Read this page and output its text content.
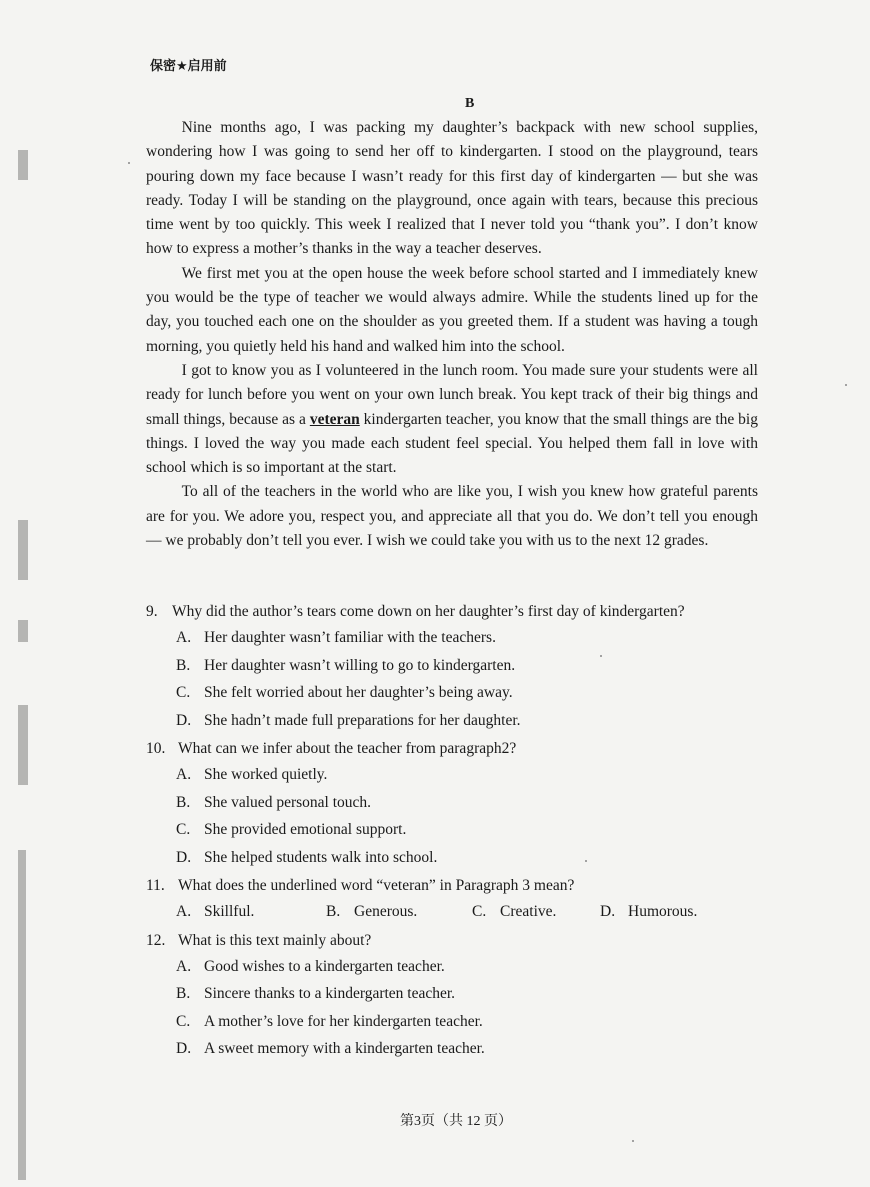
保密★启用前
B

Nine months ago, I was packing my daughter’s backpack with new school supplies, wondering how I was going to send her off to kindergarten. I stood on the playground, tears pouring down my face because I wasn’t ready for this first day of kindergarten — but she was ready. Today I will be standing on the playground, once again with tears, because this precious time went by too quickly. This week I realized that I never told you “thank you”. I don’t know how to express a mother’s thanks in the way a teacher deserves.

We first met you at the open house the week before school started and I immediately knew you would be the type of teacher we would always admire. While the students lined up for the day, you touched each one on the shoulder as you greeted them. If a student was having a tough morning, you quietly held his hand and walked him into the school.

I got to know you as I volunteered in the lunch room. You made sure your students were all ready for lunch before you went on your own lunch break. You kept track of their big things and small things, because as a veteran kindergarten teacher, you know that the small things are the big things. I loved the way you made each student feel special. You helped them fall in love with school which is so important at the start.

To all of the teachers in the world who are like you, I wish you knew how grateful parents are for you. We adore you, respect you, and appreciate all that you do. We don’t tell you enough — we probably don’t tell you ever. I wish we could take you with us to the next 12 grades.

9. Why did the author’s tears come down on her daughter’s first day of kindergarten?
A. Her daughter wasn’t familiar with the teachers.
B. Her daughter wasn’t willing to go to kindergarten.
C. She felt worried about her daughter’s being away.
D. She hadn’t made full preparations for her daughter.
10. What can we infer about the teacher from paragraph2?
A. She worked quietly.
B. She valued personal touch.
C. She provided emotional support.
D. She helped students walk into school.
11. What does the underlined word “veteran” in Paragraph 3 mean?
A. Skillful.	B. Generous.	C. Creative.	D. Humorous.
12. What is this text mainly about?
A. Good wishes to a kindergarten teacher.
B. Sincere thanks to a kindergarten teacher.
C. A mother’s love for her kindergarten teacher.
D. A sweet memory with a kindergarten teacher.
第3页（共 12 页）
